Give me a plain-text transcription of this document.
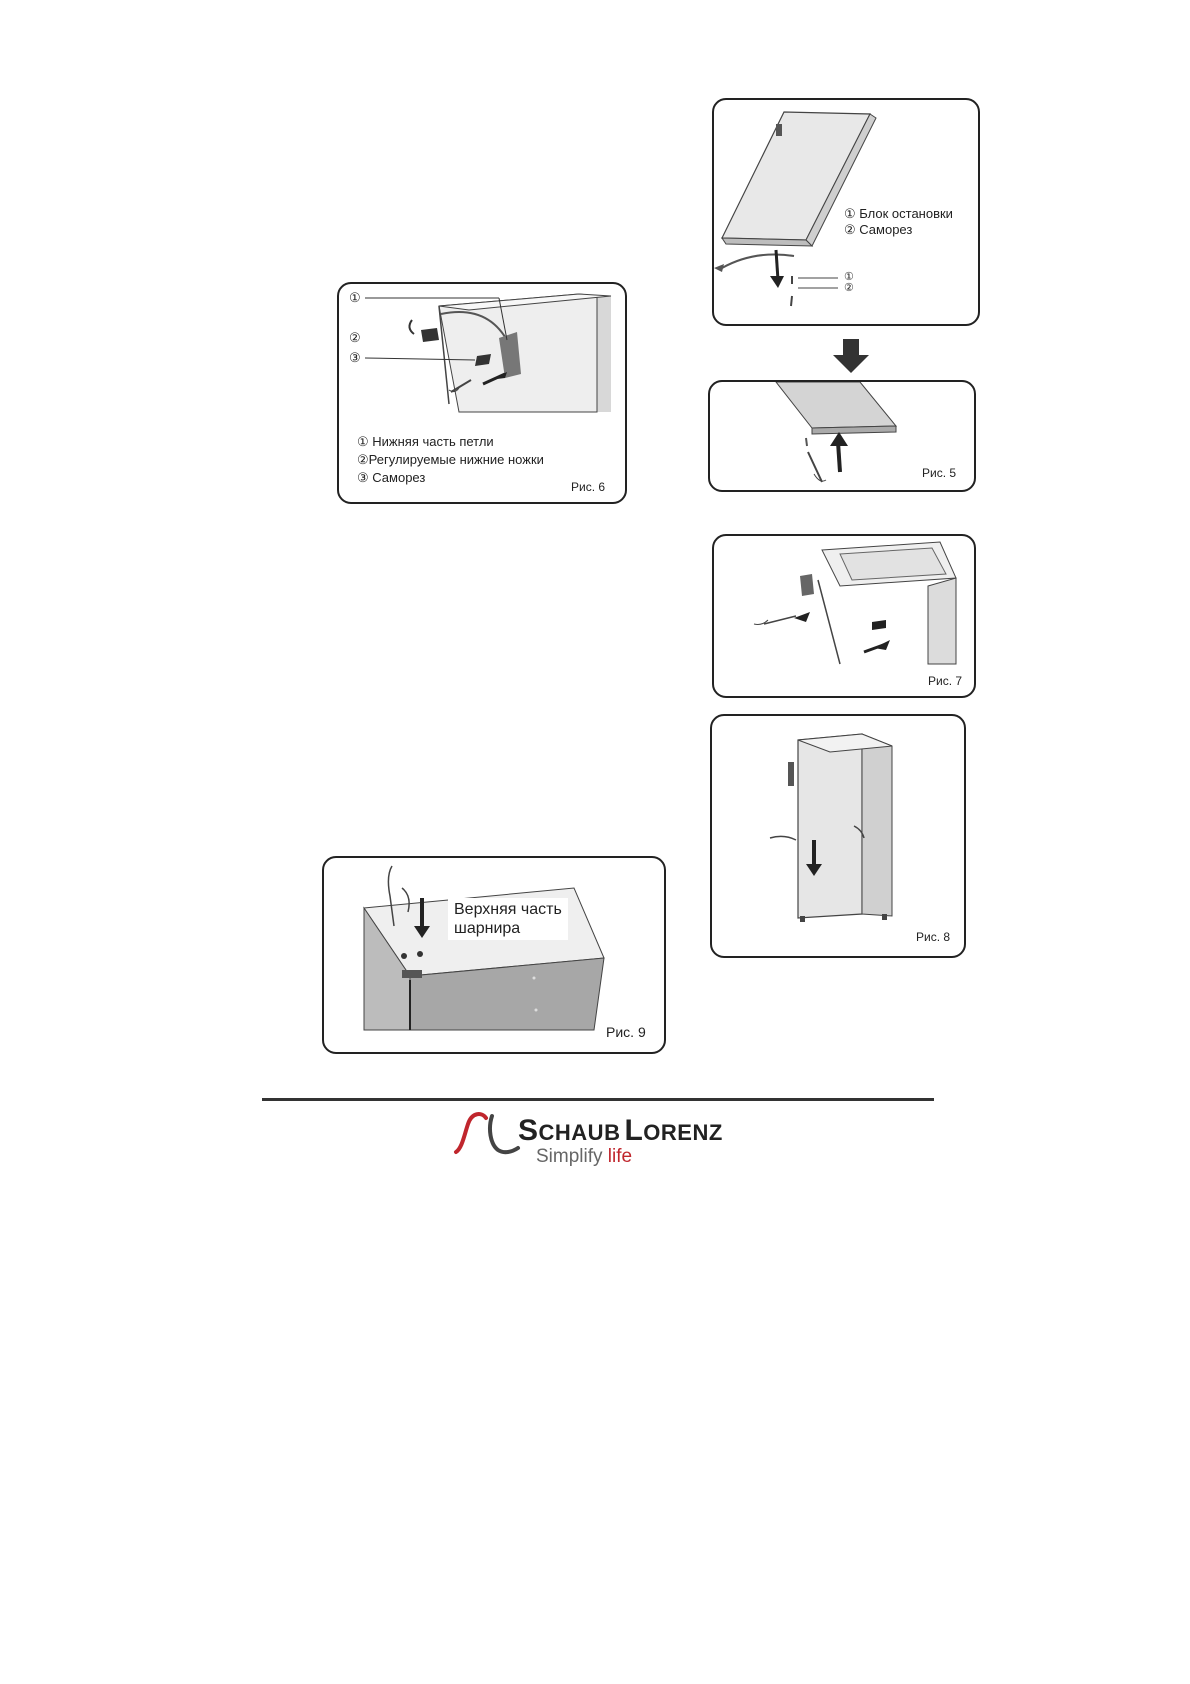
①
②
③
① Нижняя часть петли
②Регулируемые нижние ножки
③ Саморез
Рис. 6
① Блок остановки
② Саморез
①
②
Рис. 5
Рис. 7
Рис. 8
Верхняя часть
шарнира
Рис. 9
SCHAUB LORENZ
Simplify life
